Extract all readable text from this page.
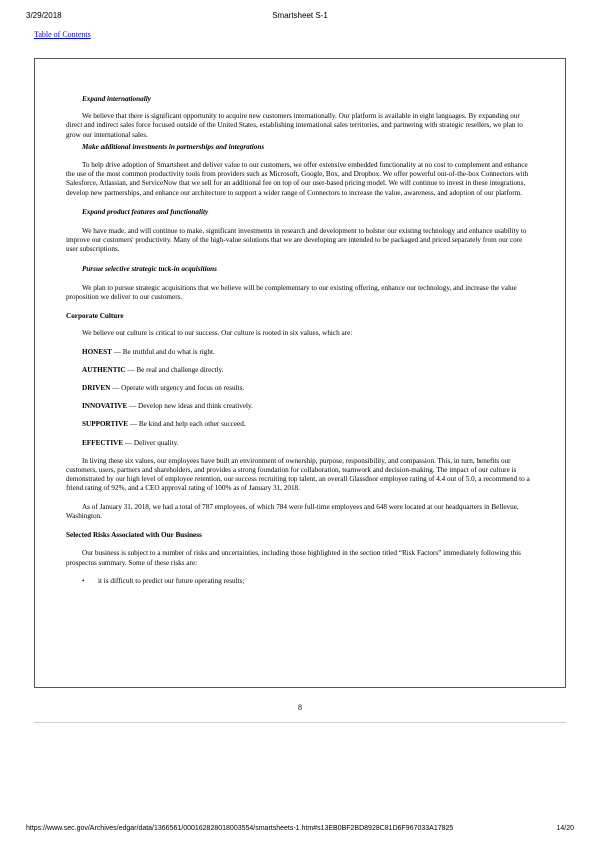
3/29/2018	Smartsheet S-1
Table of Contents

Expand internationally

We believe that there is significant opportunity to acquire new customers internationally. Our platform is available in eight languages. By expanding our direct and indirect sales force focused outside of the United States, establishing international sales territories, and partnering with strategic resellers, we plan to grow our international sales.

Make additional investments in partnerships and integrations

To help drive adoption of Smartsheet and deliver value to our customers, we offer extensive embedded functionality at no cost to complement and enhance the use of the most common productivity tools from providers such as Microsoft, Google, Box, and Dropbox. We offer powerful out-of-the-box Connectors with Salesforce, Atlassian, and ServiceNow that we sell for an additional fee on top of our user-based pricing model. We will continue to invest in these integrations, develop new partnerships, and enhance our architecture to support a wider range of Connectors to increase the value, awareness, and adoption of our platform.

Expand product features and functionality

We have made, and will continue to make, significant investments in research and development to bolster our existing technology and enhance usability to improve our customers' productivity. Many of the high-value solutions that we are developing are intended to be packaged and priced separately from our core user subscriptions.

Pursue selective strategic tuck-in acquisitions

We plan to pursue strategic acquisitions that we believe will be complementary to our existing offering, enhance our technology, and increase the value proposition we deliver to our customers.

Corporate Culture

We believe our culture is critical to our success. Our culture is rooted in six values, which are:

HONEST — Be truthful and do what is right.

AUTHENTIC — Be real and challenge directly.

DRIVEN — Operate with urgency and focus on results.

INNOVATIVE — Develop new ideas and think creatively.

SUPPORTIVE — Be kind and help each other succeed.

EFFECTIVE — Deliver quality.

In living these six values, our employees have built an environment of ownership, purpose, responsibility, and compassion. This, in turn, benefits our customers, users, partners and shareholders, and provides a strong foundation for collaboration, teamwork and decision-making. The impact of our culture is demonstrated by our high level of employee retention, our success recruiting top talent, an overall Glassdoor employee rating of 4.4 out of 5.0, a recommend to a friend rating of 92%, and a CEO approval rating of 100% as of January 31, 2018.

As of January 31, 2018, we had a total of 787 employees, of which 784 were full-time employees and 648 were located at our headquarters in Bellevue, Washington.

Selected Risks Associated with Our Business

Our business is subject to a number of risks and uncertainties, including those highlighted in the section titled “Risk Factors” immediately following this prospectus summary. Some of these risks are:

•	it is difficult to predict our future operating results;
8
https://www.sec.gov/Archives/edgar/data/1366561/000162828018003554/smartsheets-1.htm#s13EB0BF2BD8928C81D6F967033A17825	14/20
